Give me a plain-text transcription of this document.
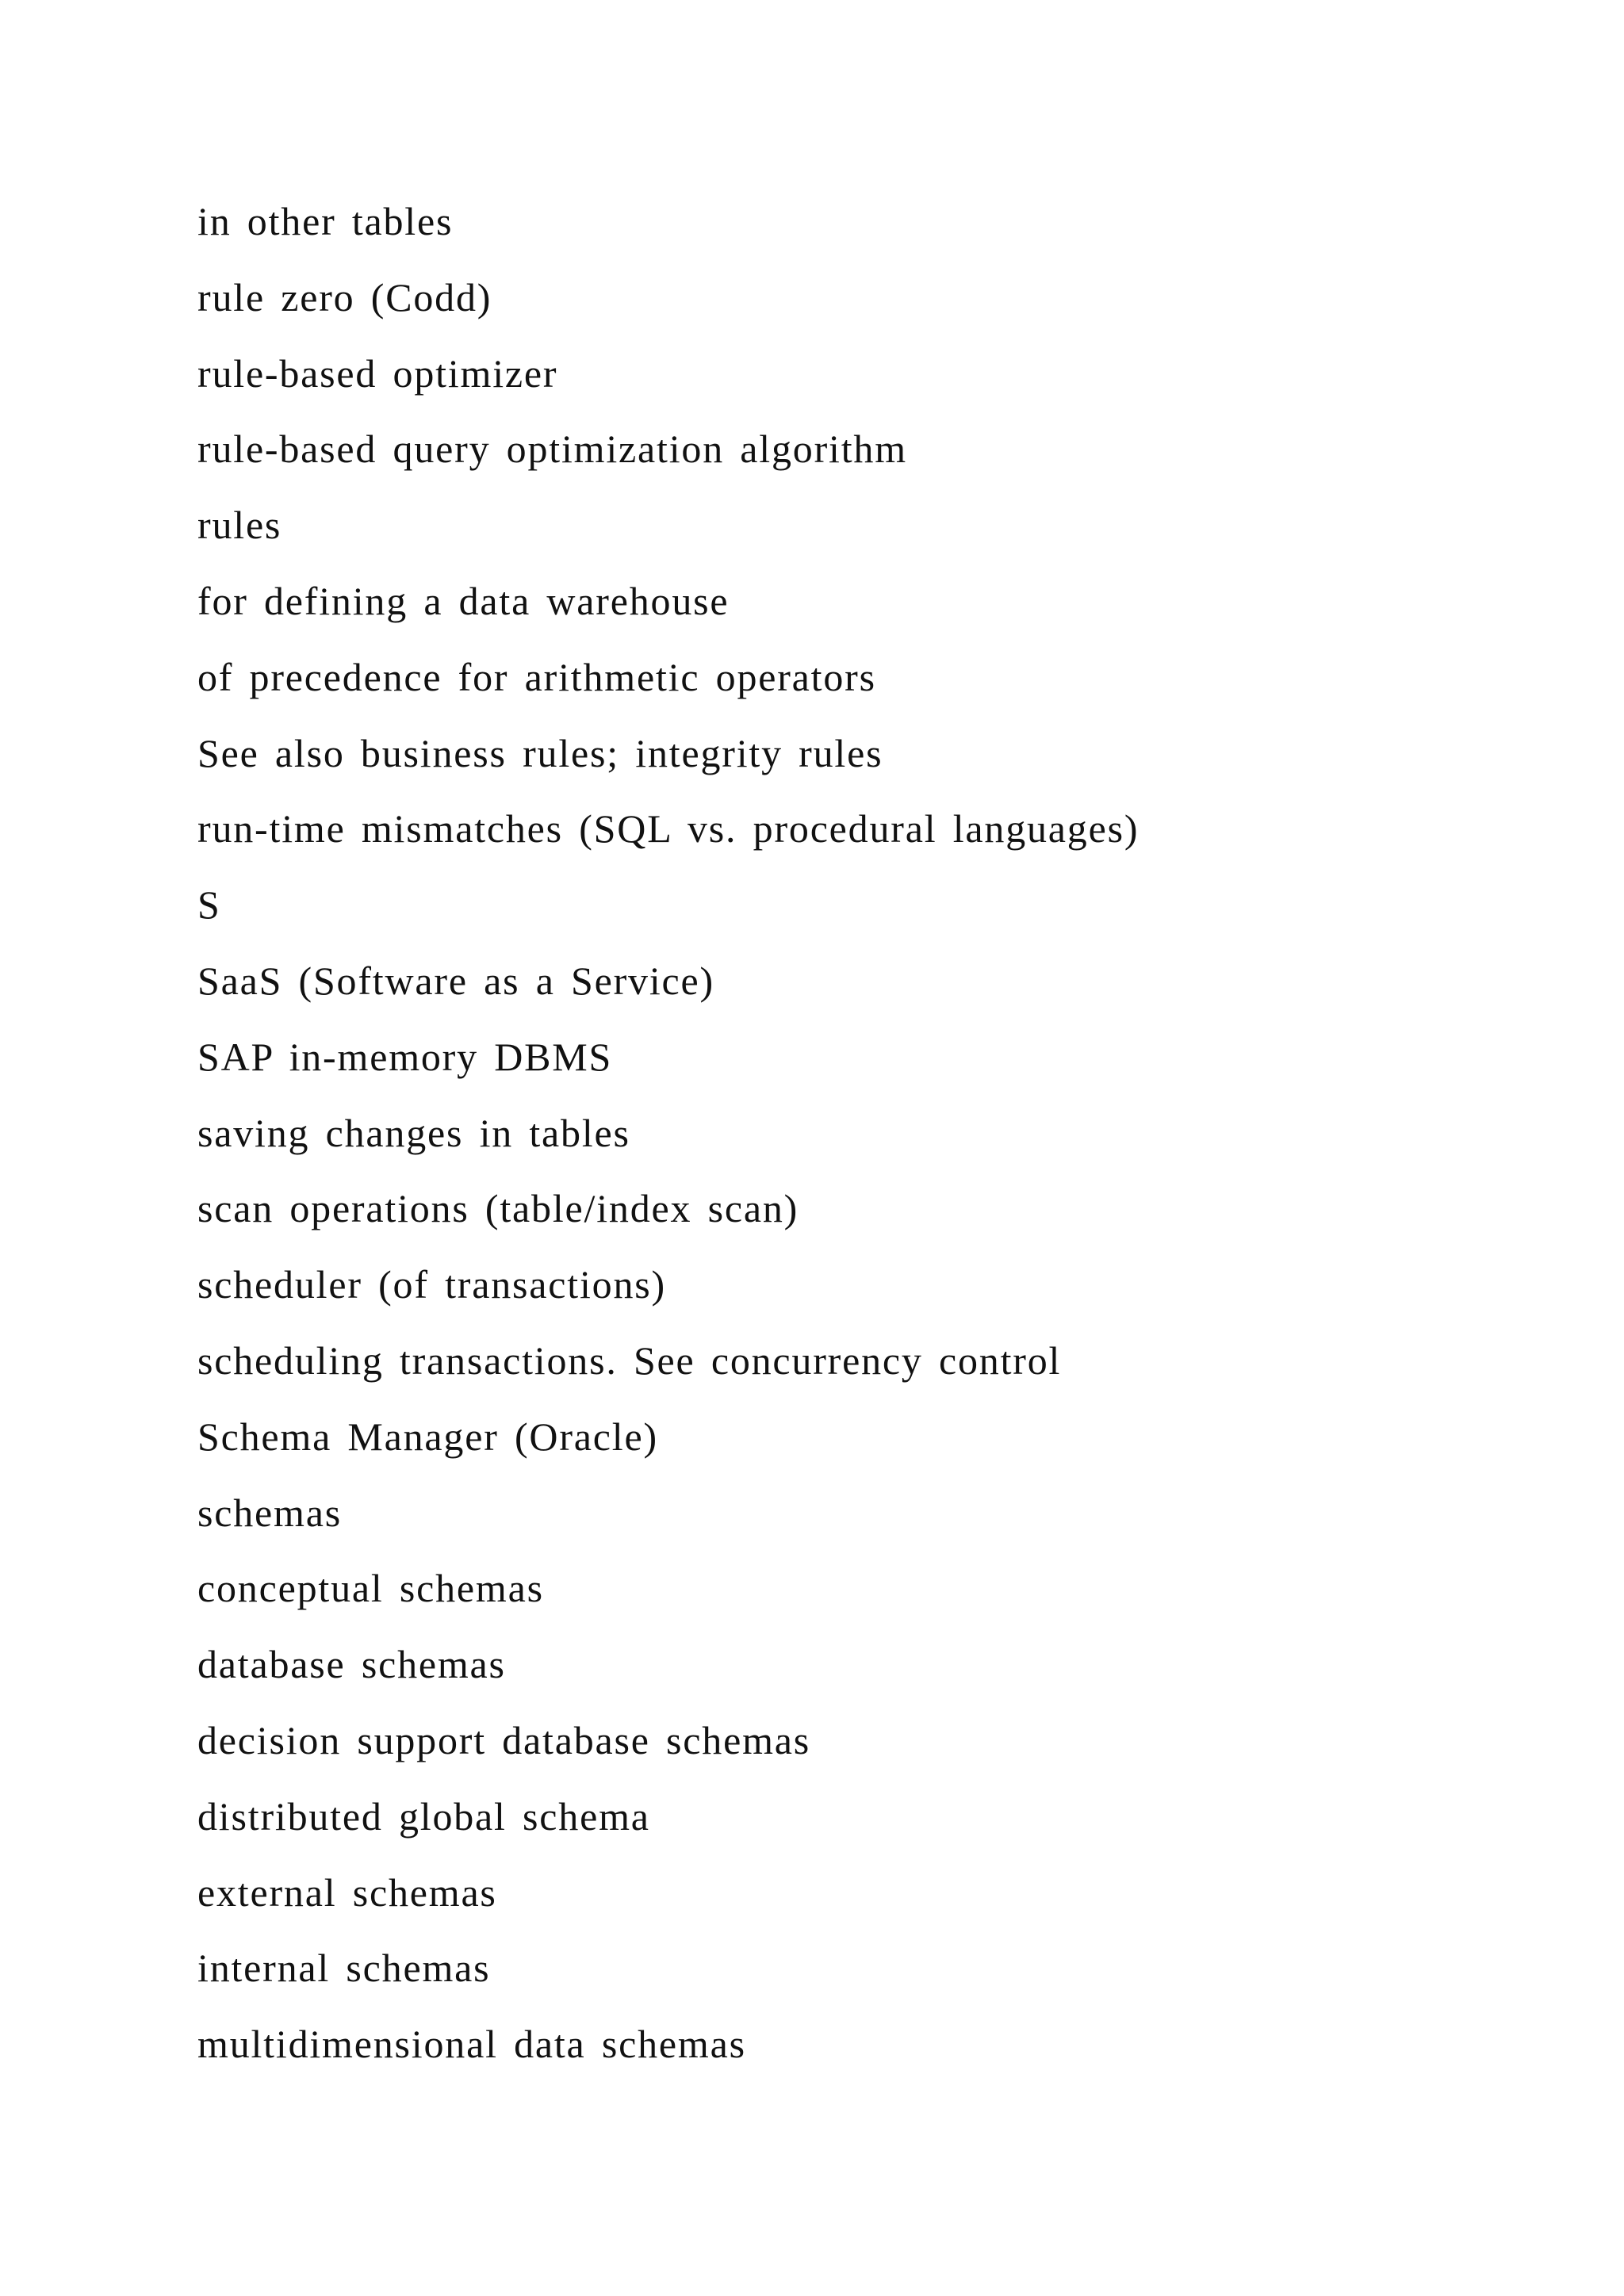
in other tables
rule zero (Codd)
rule-based optimizer
rule-based query optimization algorithm
rules
for defining a data warehouse
of precedence for arithmetic operators
See also business rules; integrity rules
run-time mismatches (SQL vs. procedural languages)
S
SaaS (Software as a Service)
SAP in-memory DBMS
saving changes in tables
scan operations (table/index scan)
scheduler (of transactions)
scheduling transactions. See concurrency control
Schema Manager (Oracle)
schemas
conceptual schemas
database schemas
decision support database schemas
distributed global schema
external schemas
internal schemas
multidimensional data schemas
